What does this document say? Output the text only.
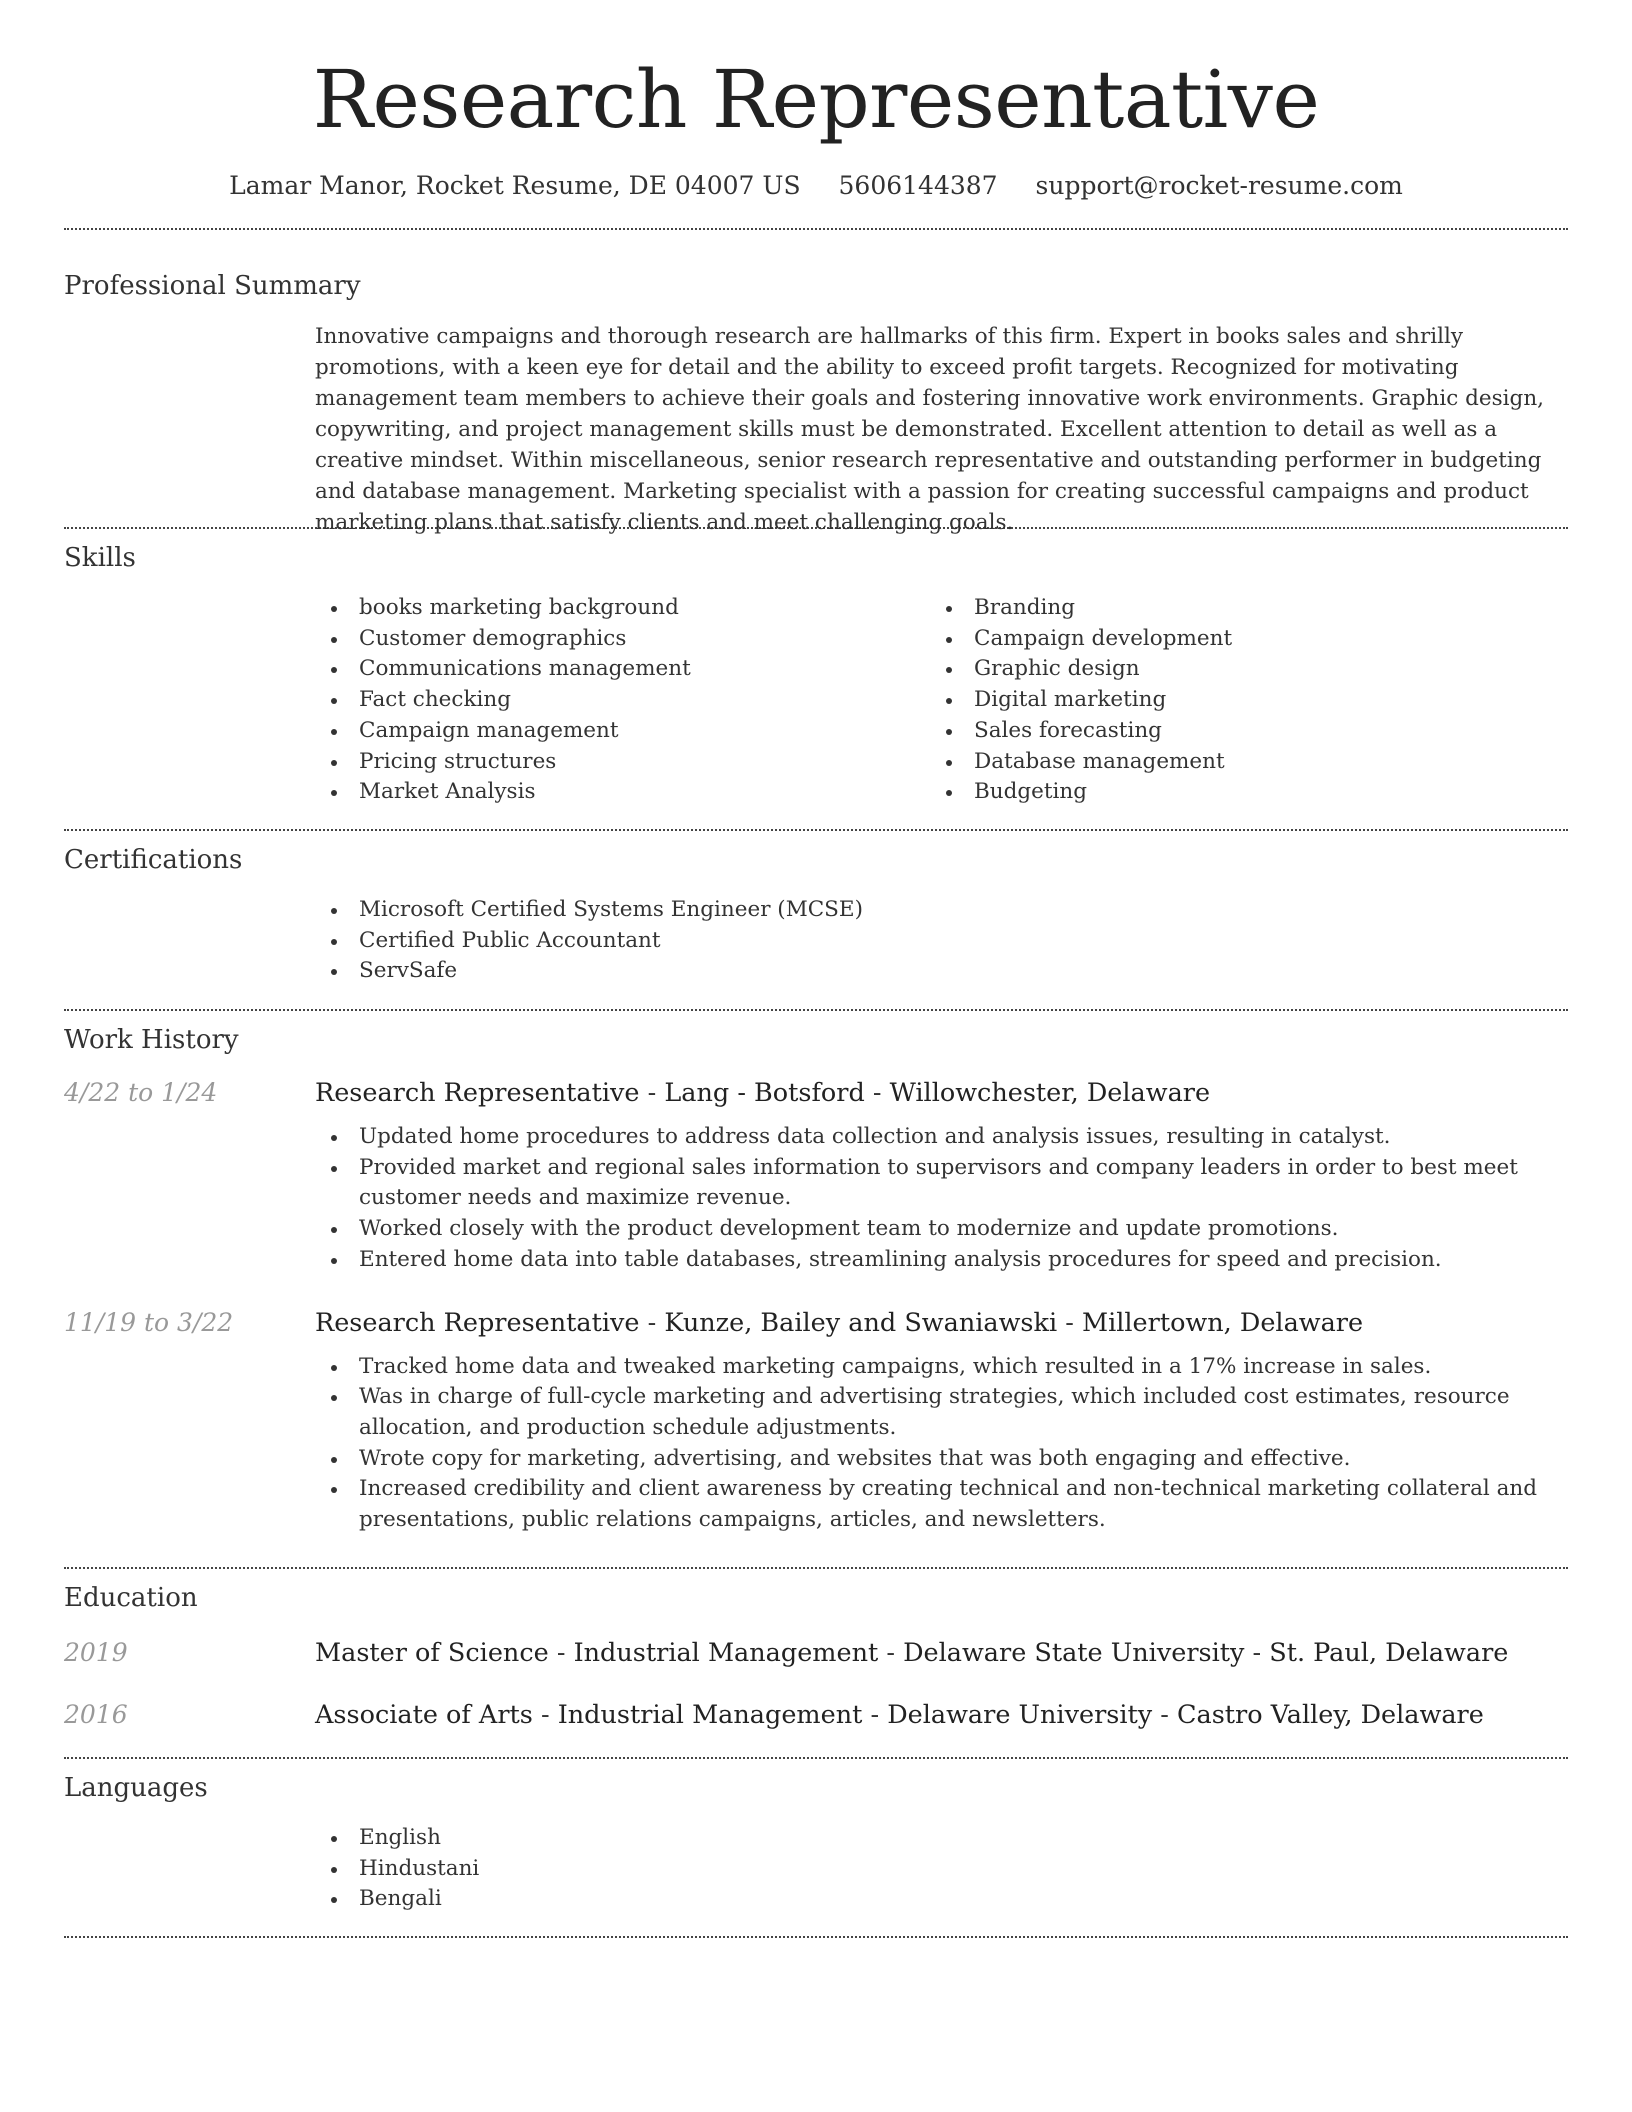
Research Representative
Lamar Manor, Rocket Resume, DE 04007 US 5606144387 support@rocket-resume.com
Professional Summary
Innovative campaigns and thorough research are hallmarks of this firm. Expert in books sales and shrilly promotions, with a keen eye for detail and the ability to exceed profit targets. Recognized for motivating management team members to achieve their goals and fostering innovative work environments. Graphic design, copywriting, and project management skills must be demonstrated. Excellent attention to detail as well as a creative mindset. Within miscellaneous, senior research representative and outstanding performer in budgeting and database management. Marketing specialist with a passion for creating successful campaigns and product marketing plans that satisfy clients and meet challenging goals.
Skills
books marketing background
Customer demographics
Communications management
Fact checking
Campaign management
Pricing structures
Market Analysis
Branding
Campaign development
Graphic design
Digital marketing
Sales forecasting
Database management
Budgeting
Certifications
Microsoft Certified Systems Engineer (MCSE)
Certified Public Accountant
ServSafe
Work History
4/22 to 1/24	Research Representative - Lang - Botsford - Willowchester, Delaware
Updated home procedures to address data collection and analysis issues, resulting in catalyst.
Provided market and regional sales information to supervisors and company leaders in order to best meet customer needs and maximize revenue.
Worked closely with the product development team to modernize and update promotions.
Entered home data into table databases, streamlining analysis procedures for speed and precision.
11/19 to 3/22	Research Representative - Kunze, Bailey and Swaniawski - Millertown, Delaware
Tracked home data and tweaked marketing campaigns, which resulted in a 17% increase in sales.
Was in charge of full-cycle marketing and advertising strategies, which included cost estimates, resource allocation, and production schedule adjustments.
Wrote copy for marketing, advertising, and websites that was both engaging and effective.
Increased credibility and client awareness by creating technical and non-technical marketing collateral and presentations, public relations campaigns, articles, and newsletters.
Education
2019	Master of Science - Industrial Management - Delaware State University - St. Paul, Delaware
2016	Associate of Arts - Industrial Management - Delaware University - Castro Valley, Delaware
Languages
English
Hindustani
Bengali
